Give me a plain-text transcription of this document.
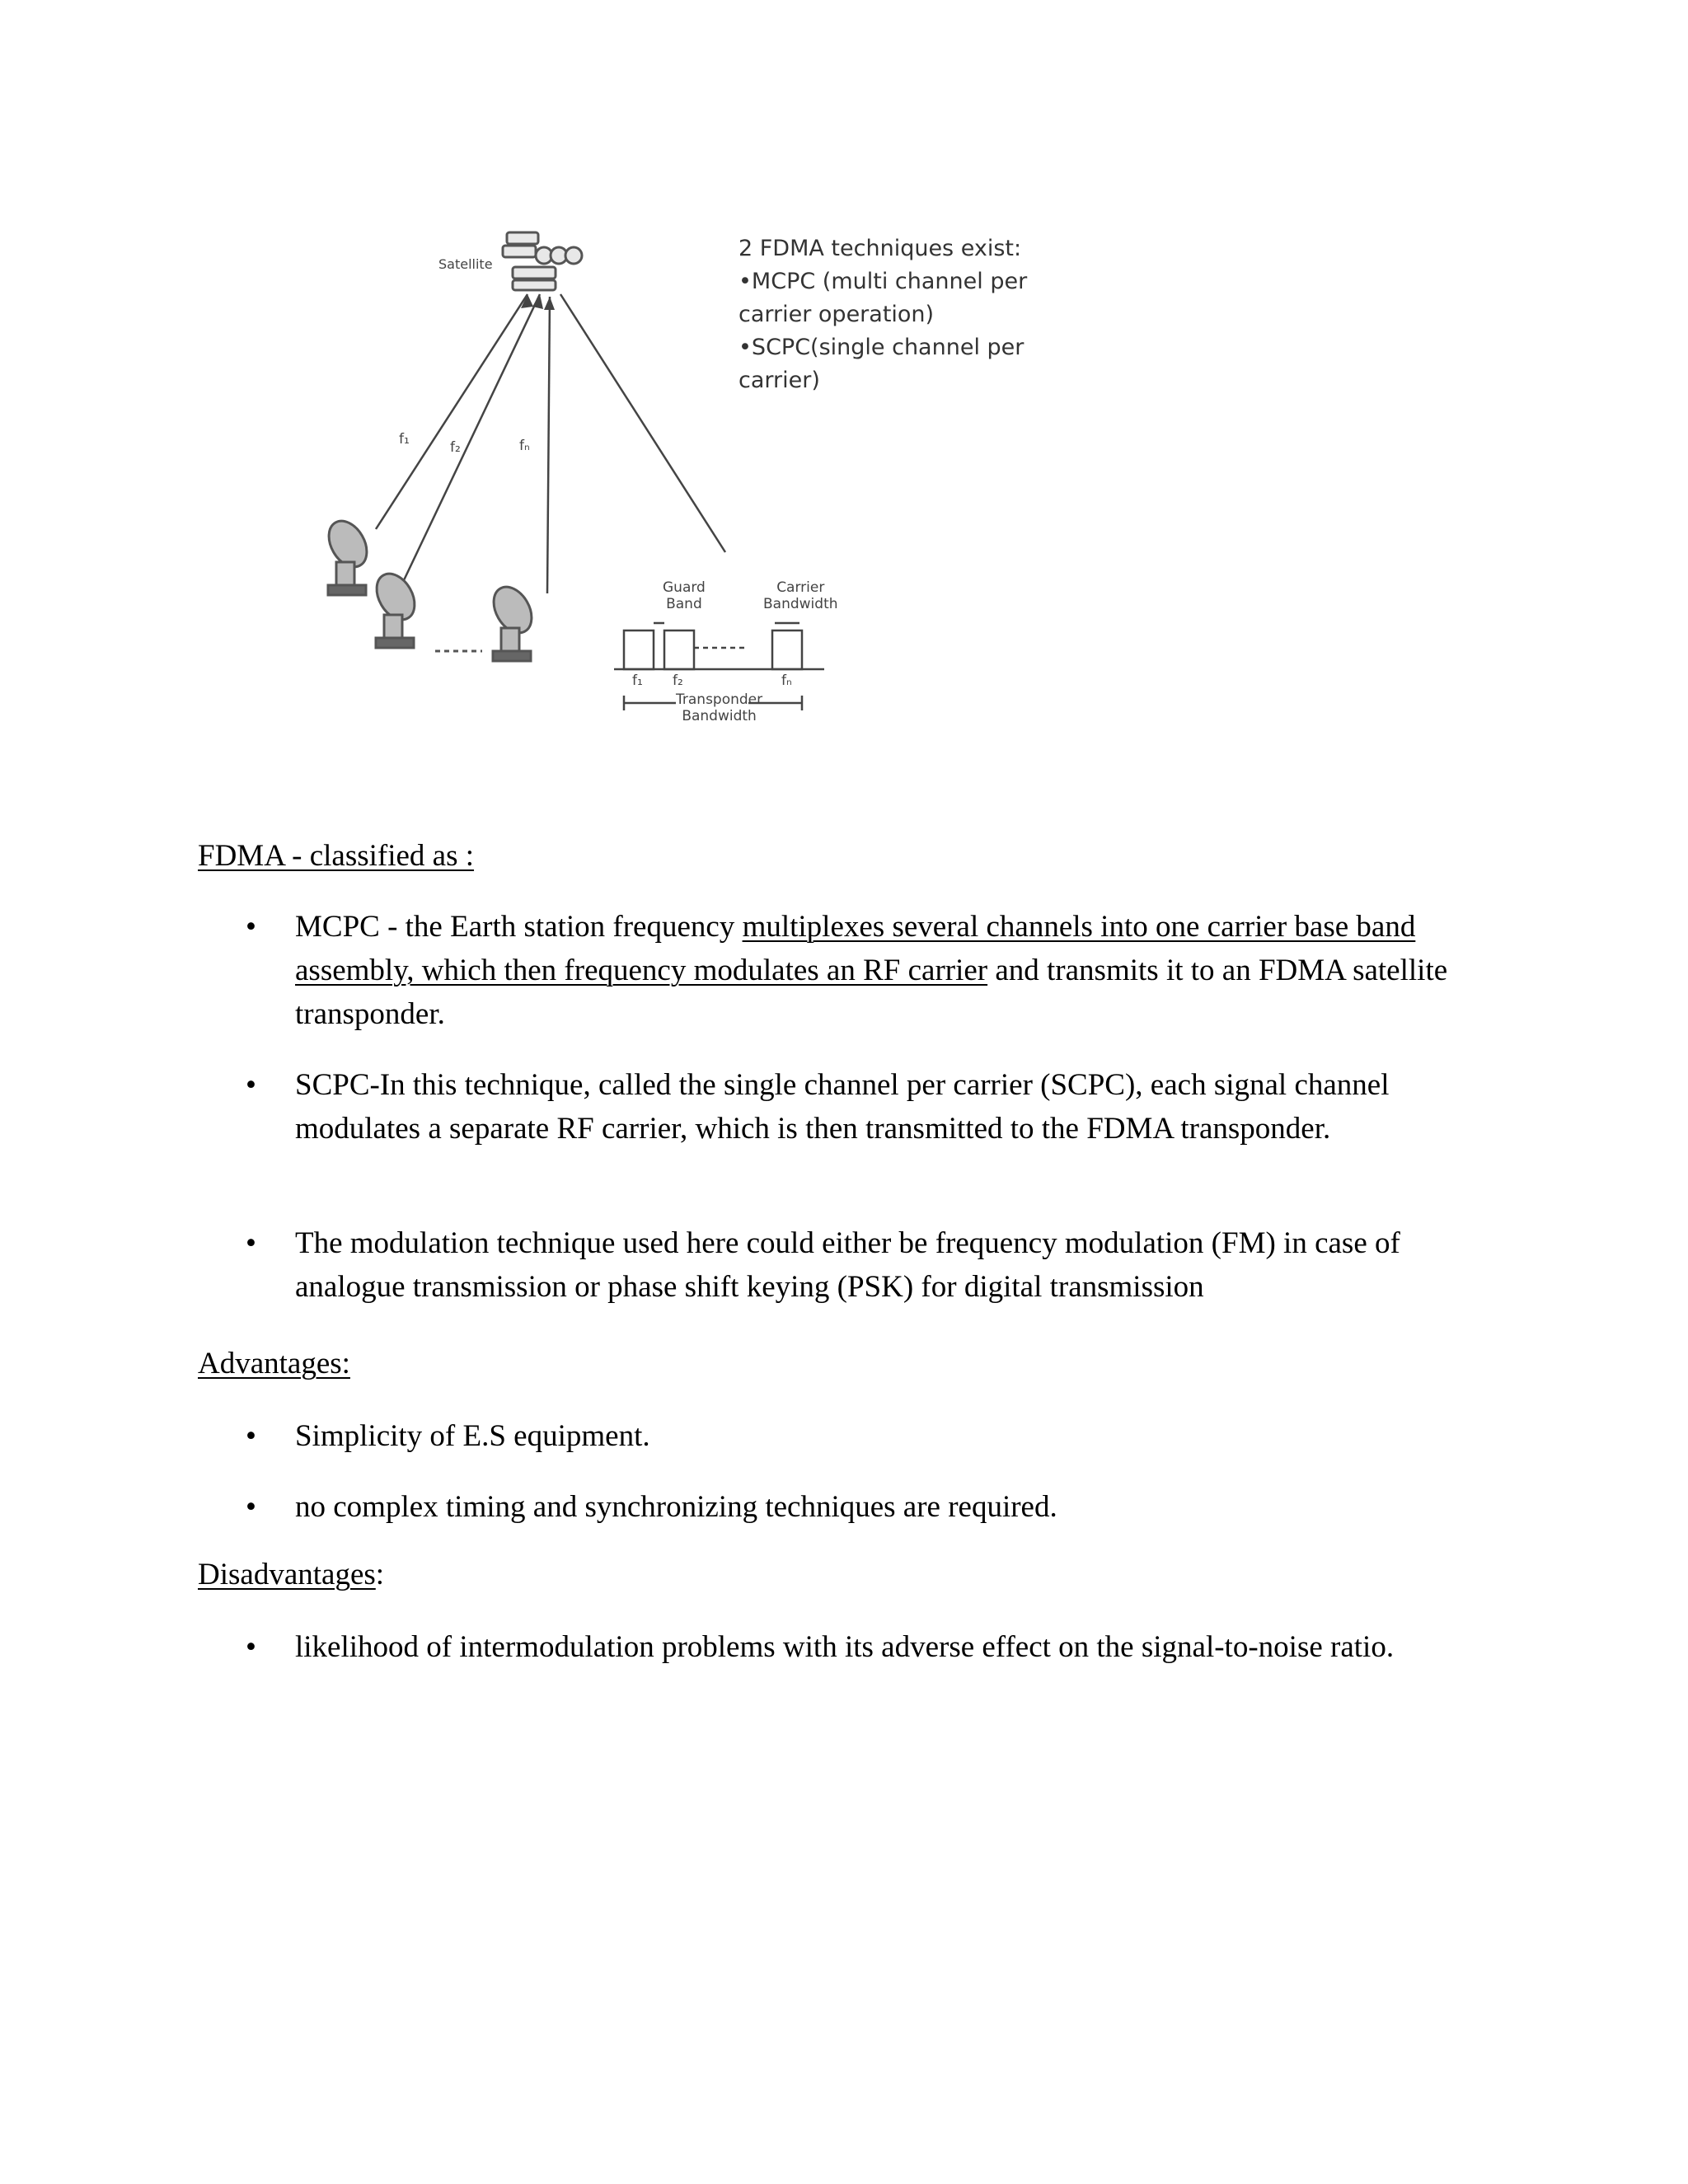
Satellite
f₁	f₂	fₙ
Guard
Band
Carrier
Bandwidth
f₁ f₂	fₙ
Transponder
Bandwidth
2 FDMA techniques exist:
•MCPC (multi channel per
carrier operation)
•SCPC(single channel per
carrier)
FDMA - classified as :
• MCPC - the Earth station frequency multiplexes several channels into one carrier base band assembly, which then frequency modulates an RF carrier and transmits it to an FDMA satellite transponder.
• SCPC-In this technique, called the single channel per carrier (SCPC), each signal channel modulates a separate RF carrier, which is then transmitted to the FDMA transponder.
• The modulation technique used here could either be frequency modulation (FM) in case of analogue transmission or phase shift keying (PSK) for digital transmission
Advantages:
• Simplicity of E.S equipment.
• no complex timing and synchronizing techniques are required.
Disadvantages:
• likelihood of intermodulation problems with its adverse effect on the signal-to-noise ratio.
